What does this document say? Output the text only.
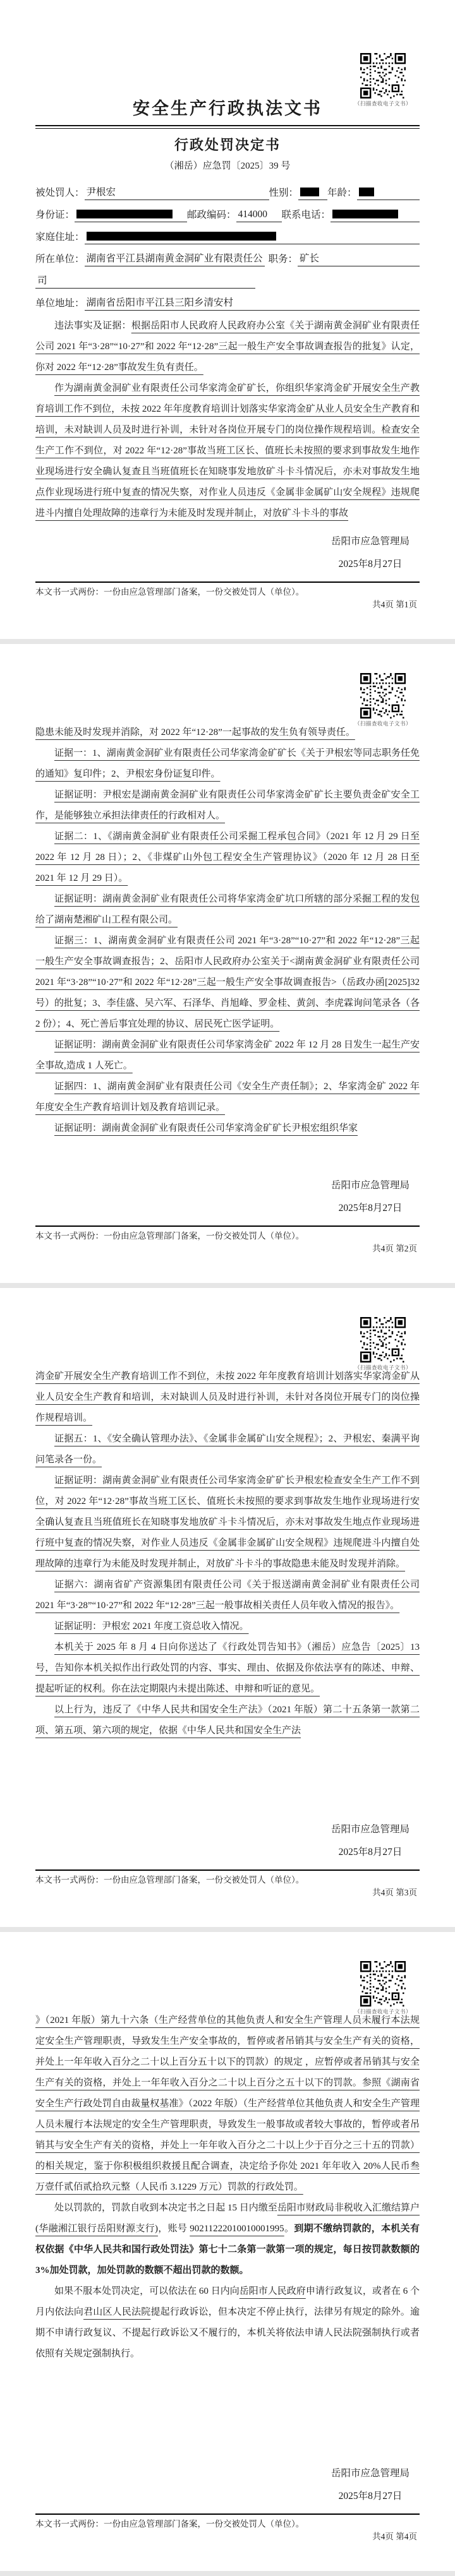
（扫描查收电子文书）
安全生产行政执法文书
行政处罚决定书
（湘岳）应急罚〔2025〕39 号
被处罚人： 尹根宏	性别：	年龄：
身份证：	邮政编码： 414000	联系电话：
家庭住址：
所在单位： 湖南省平江县湖南黄金洞矿业有限责任公 职务： 矿长
司
单位地址： 湖南省岳阳市平江县三阳乡清安村

违法事实及证据：根据岳阳市人民政府人民政府办公室《关于湖南黄金洞矿业有限责任公司 2021 年“3·28”“10·27”和 2022 年“12·28”三起一般生产安全事故调查报告的批复》认定，你对 2022 年“12·28”事故发生负有责任。

作为湖南黄金洞矿业有限责任公司华家湾金矿矿长，你组织华家湾金矿开展安全生产教育培训工作不到位，未按 2022 年年度教育培训计划落实华家湾金矿从业人员安全生产教育和培训，未对缺训人员及时进行补训，未针对各岗位开展专门的岗位操作规程培训。检查安全生产工作不到位，对 2022 年“12·28”事故当班工区长、值班长未按照的要求到事故发生地作业现场进行安全确认复查且当班值班长在知晓事发地放矿斗卡斗情况后，亦未对事故发生地点作业现场进行班中复查的情况失察，对作业人员违反《金属非金属矿山安全规程》违规爬进斗内擅自处理故障的违章行为未能及时发现并制止，对放矿斗卡斗的事故

岳阳市应急管理局
2025年8月27日
本文书一式两份：一份由应急管理部门备案，一份交被处罚人（单位）。
共4页 第1页
（扫描查收电子文书）

隐患未能及时发现并消除，对 2022 年“12·28”一起事故的发生负有领导责任。

证据一：1、湖南黄金洞矿业有限责任公司华家湾金矿矿长《关于尹根宏等同志职务任免的通知》复印件；2、尹根宏身份证复印件。

证据证明：尹根宏是湖南黄金洞矿业有限责任公司华家湾金矿矿长主要负责金矿安全工作，是能够独立承担法律责任的行政相对人。

证据二：1、《湖南黄金洞矿业有限责任公司采掘工程承包合同》（2021 年 12 月 29 日至 2022 年 12 月 28 日）；2、《非煤矿山外包工程安全生产管理协议》（2020 年 12 月 28 日至 2021 年 12 月 29 日）。

证据证明：湖南黄金洞矿业有限责任公司将华家湾金矿坑口所辖的部分采掘工程的发包给了湖南楚湘矿山工程有限公司。

证据三：1、湖南黄金洞矿业有限责任公司 2021 年“3·28”“10·27”和 2022 年“12·28”三起一般生产安全事故调查报告；2、岳阳市人民政府办公室关于<湖南黄金洞矿业有限责任公司 2021 年“3·28”“10·27”和 2022 年“12·28”三起一般生产安全事故调查报告>（岳政办函[2025]32 号）的批复；3、李佳盛、吴六军、石泽华、肖旭峰、罗金桂、黄剑、李虎霖询问笔录各（各 2 份）；4、死亡善后事宜处理的协议、居民死亡医学证明。

证据证明：湖南黄金洞矿业有限责任公司华家湾金矿 2022 年 12 月 28 日发生一起生产安全事故,造成 1 人死亡。

证据四：1、湖南黄金洞矿业有限责任公司《安全生产责任制》；2、华家湾金矿 2022 年年度安全生产教育培训计划及教育培训记录。

证据证明：湖南黄金洞矿业有限责任公司华家湾金矿矿长尹根宏组织华家

岳阳市应急管理局
2025年8月27日
本文书一式两份：一份由应急管理部门备案，一份交被处罚人（单位）。
共4页 第2页
（扫描查收电子文书）

湾金矿开展安全生产教育培训工作不到位，未按 2022 年年度教育培训计划落实华家湾金矿从业人员安全生产教育和培训，未对缺训人员及时进行补训，未针对各岗位开展专门的岗位操作规程培训。

证据五：1、《安全确认管理办法》、《金属非金属矿山安全规程》；2、尹根宏、秦满平询问笔录各一份。

证据证明：湖南黄金洞矿业有限责任公司华家湾金矿矿长尹根宏检查安全生产工作不到位，对 2022 年“12·28”事故当班工区长、值班长未按照的要求到事故发生地作业现场进行安全确认复查且当班值班长在知晓事发地放矿斗卡斗情况后，亦未对事故发生地点作业现场进行班中复查的情况失察，对作业人员违反《金属非金属矿山安全规程》违规爬进斗内擅自处理故障的违章行为未能及时发现并制止，对放矿斗卡斗的事故隐患未能及时发现并消除。

证据六：湖南省矿产资源集团有限责任公司《关于报送湖南黄金洞矿业有限责任公司 2021 年“3·28”“10·27”和 2022 年“12·28”三起一般事故相关责任人员年收入情况的报告》。

证据证明：尹根宏 2021 年度工资总收入情况。

本机关于 2025 年 8 月 4 日向你送达了《行政处罚告知书》（湘岳）应急告〔2025〕13 号，告知你本机关拟作出行政处罚的内容、事实、理由、依据及你依法享有的陈述、申辩、提起听证的权利。你在法定期限内未提出陈述、申辩和听证的意见。

以上行为，违反了《中华人民共和国安全生产法》（2021 年版）第二十五条第一款第二项、第五项、第六项的规定，依据《中华人民共和国安全生产法

岳阳市应急管理局
2025年8月27日
本文书一式两份：一份由应急管理部门备案，一份交被处罚人（单位）。
共4页 第3页
（扫描查收电子文书）

》（2021 年版）第九十六条（生产经营单位的其他负责人和安全生产管理人员未履行本法规定安全生产管理职责，导致发生生产安全事故的，暂停或者吊销其与安全生产有关的资格，并处上一年年收入百分之二十以上百分五十以下的罚款）的规定 ，应暂停或者吊销其与安全生产有关的资格，并处上一年年收入百分之二十以上百分之五十以下的罚款。参照《湖南省安全生产行政处罚自由裁量权基准》（2022 年版）（生产经营单位其他负责人和安全生产管理人员未履行本法规定的安全生产管理职责，导致发生一般事故或者较大事故的，暂停或者吊销其与安全生产有关的资格，并处上一年年收入百分之二十以上少于百分之三十五的罚款）的相关规定，鉴于你积极组织救援且配合调查，决定给予你处 2021 年年收入 20%人民币叁万壹仟贰佰贰拾玖元整（人民币 3.1229 万元）罚款的行政处罚。

处以罚款的，罚款自收到本决定书之日起 15 日内缴至岳阳市财政局非税收入汇缴结算户(华融湘江银行岳阳财源支行)，账号 90211222010010001995。到期不缴纳罚款的，本机关有权依据《中华人民共和国行政处罚法》第七十二条第一款第一项的规定，每日按罚款数额的 3%加处罚款，加处罚款的数额不超出罚款的数额。

如果不服本处罚决定，可以依法在 60 日内向岳阳市人民政府申请行政复议，或者在 6 个月内依法向君山区人民法院提起行政诉讼，但本决定不停止执行，法律另有规定的除外。逾期不申请行政复议、不提起行政诉讼又不履行的，本机关将依法申请人民法院强制执行或者依照有关规定强制执行。

岳阳市应急管理局
2025年8月27日
本文书一式两份：一份由应急管理部门备案，一份交被处罚人（单位）。
共4页 第4页
